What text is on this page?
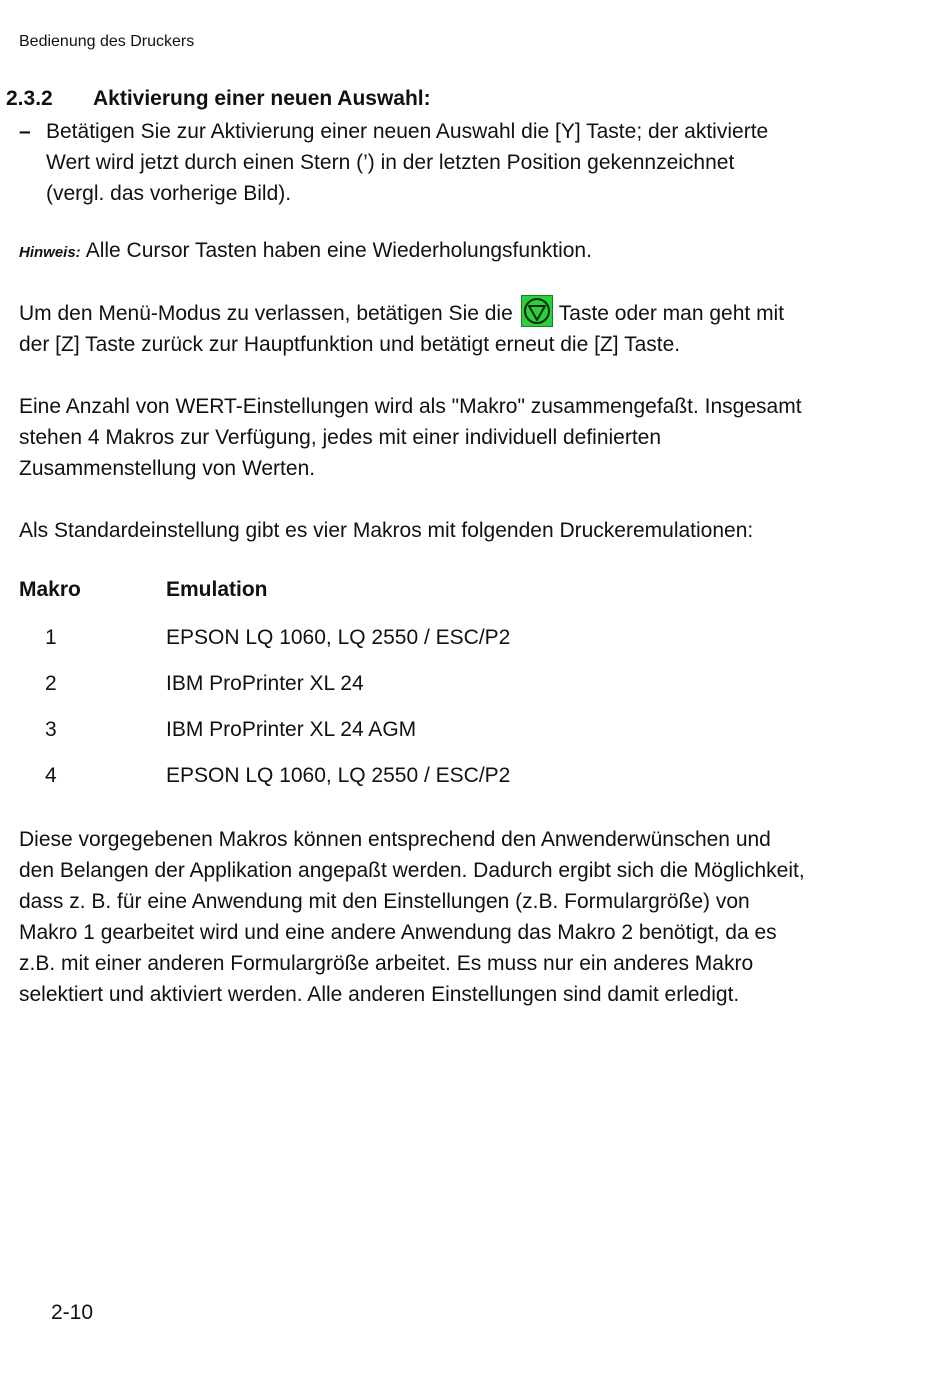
Bedienung des Druckers
2.3.2 Aktivierung einer neuen Auswahl:
– Betätigen Sie zur Aktivierung einer neuen Auswahl die [Y] Taste; der aktivierte Wert wird jetzt durch einen Stern (’) in der letzten Position gekennzeichnet (vergl. das vorherige Bild).
Hinweis: Alle Cursor Tasten haben eine Wiederholungsfunktion.
Um den Menü-Modus zu verlassen, betätigen Sie die Taste oder man geht mit der [Z] Taste zurück zur Hauptfunktion und betätigt erneut die [Z] Taste.
Eine Anzahl von WERT-Einstellungen wird als "Makro" zusammengefaßt. Insgesamt stehen 4 Makros zur Verfügung, jedes mit einer individuell definierten Zusammenstellung von Werten.
Als Standardeinstellung gibt es vier Makros mit folgenden Druckeremulationen:
Makro	Emulation
1	EPSON LQ 1060, LQ 2550 / ESC/P2
2	IBM ProPrinter XL 24
3	IBM ProPrinter XL 24 AGM
4	EPSON LQ 1060, LQ 2550 / ESC/P2
Diese vorgegebenen Makros können entsprechend den Anwenderwünschen und den Belangen der Applikation angepaßt werden. Dadurch ergibt sich die Möglichkeit, dass z. B. für eine Anwendung mit den Einstellungen (z.B. Formulargröße) von Makro 1 gearbeitet wird und eine andere Anwendung das Makro 2 benötigt, da es z.B. mit einer anderen Formulargröße arbeitet. Es muss nur ein anderes Makro selektiert und aktiviert werden. Alle anderen Einstellungen sind damit erledigt.
2-10
